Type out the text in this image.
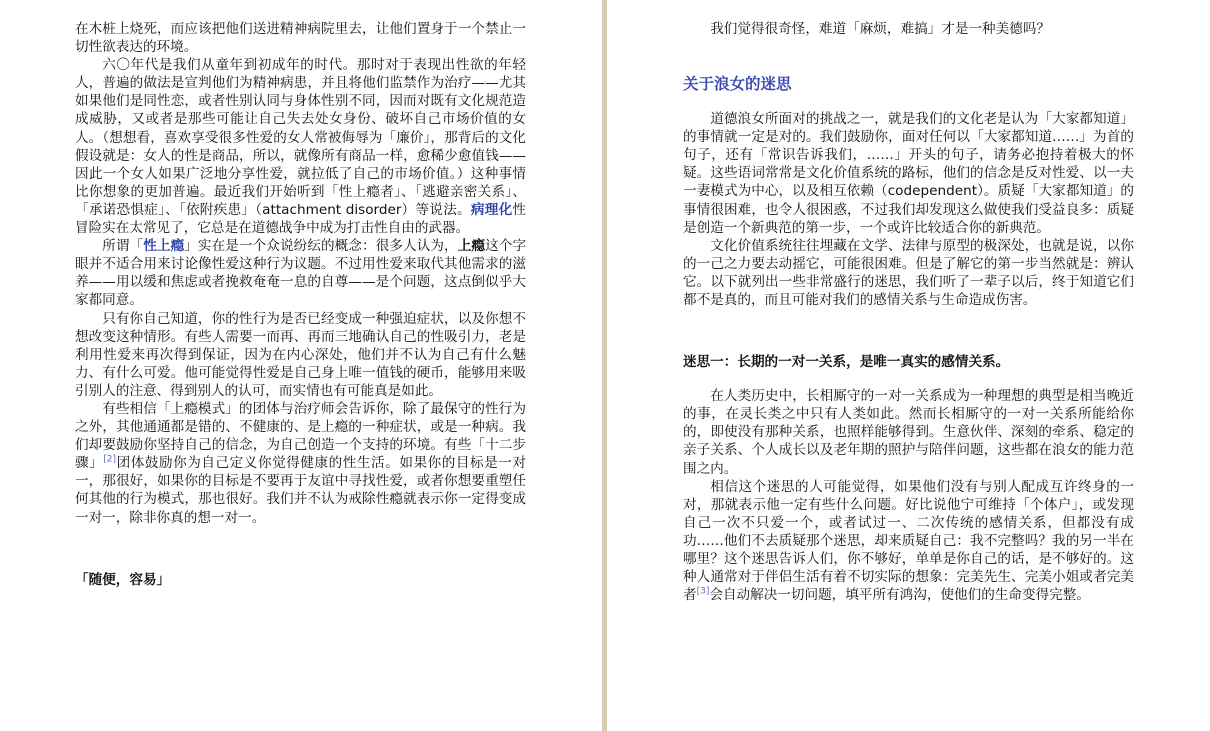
在木桩上烧死，而应该把他们送进精神病院里去，让他们置身于一个禁止一切性欲表达的环境。

六〇年代是我们从童年到初成年的时代。那时对于表现出性欲的年轻人，普遍的做法是宣判他们为精神病患，并且将他们监禁作为治疗——尤其如果他们是同性恋，或者性别认同与身体性别不同，因而对既有文化规范造成威胁，又或者是那些可能让自己失去处女身份、破坏自己市场价值的女人。（想想看，喜欢享受很多性爱的女人常被侮辱为「廉价」，那背后的文化假设就是：女人的性是商品，所以，就像所有商品一样，愈稀少愈值钱——因此一个女人如果广泛地分享性爱，就拉低了自己的市场价值。）这种事情比你想象的更加普遍。最近我们开始听到「性上瘾者」、「逃避亲密关系」、「承诺恐惧症」、「依附疾患」（attachment disorder）等说法。病理化性冒险实在太常见了，它总是在道德战争中成为打击性自由的武器。

所谓「性上瘾」实在是一个众说纷纭的概念：很多人认为，上瘾这个字眼并不适合用来讨论像性爱这种行为议题。不过用性爱来取代其他需求的滋养——用以缓和焦虑或者挽救奄奄一息的自尊——是个问题，这点倒似乎大家都同意。

只有你自己知道，你的性行为是否已经变成一种强迫症状，以及你想不想改变这种情形。有些人需要一而再、再而三地确认自己的性吸引力，老是利用性爱来再次得到保证，因为在内心深处，他们并不认为自己有什么魅力、有什么可爱。他可能觉得性爱是自己身上唯一值钱的硬币，能够用来吸引别人的注意、得到别人的认可，而实情也有可能真是如此。

有些相信「上瘾模式」的团体与治疗师会告诉你，除了最保守的性行为之外，其他通通都是错的、不健康的、是上瘾的一种症状，或是一种病。我们却要鼓励你坚持自己的信念，为自己创造一个支持的环境。有些「十二步骤」[2]团体鼓励你为自己定义你觉得健康的性生活。如果你的目标是一对一，那很好，如果你的目标是不要再于友谊中寻找性爱，或者你想要重塑任何其他的行为模式，那也很好。我们并不认为戒除性瘾就表示你一定得变成一对一，除非你真的想一对一。

「随便，容易」

我们觉得很奇怪，难道「麻烦，难搞」才是一种美德吗？

关于浪女的迷思

道德浪女所面对的挑战之一，就是我们的文化老是认为「大家都知道」的事情就一定是对的。我们鼓励你，面对任何以「大家都知道……」为首的句子，还有「常识告诉我们，……」开头的句子，请务必抱持着极大的怀疑。这些语词常常是文化价值系统的路标，他们的信念是反对性爱、以一夫一妻模式为中心，以及相互依赖（codependent）。质疑「大家都知道」的事情很困难，也令人很困惑，不过我们却发现这么做使我们受益良多：质疑是创造一个新典范的第一步，一个或许比较适合你的新典范。

文化价值系统往往埋藏在文学、法律与原型的极深处，也就是说，以你的一己之力要去动摇它，可能很困难。但是了解它的第一步当然就是：辨认它。以下就列出一些非常盛行的迷思，我们听了一辈子以后，终于知道它们都不是真的，而且可能对我们的感情关系与生命造成伤害。

迷思一：长期的一对一关系，是唯一真实的感情关系。

在人类历史中，长相厮守的一对一关系成为一种理想的典型是相当晚近的事，在灵长类之中只有人类如此。然而长相厮守的一对一关系所能给你的，即使没有那种关系，也照样能够得到。生意伙伴、深刻的牵系、稳定的亲子关系、个人成长以及老年期的照护与陪伴问题，这些都在浪女的能力范围之内。

相信这个迷思的人可能觉得，如果他们没有与别人配成互许终身的一对，那就表示他一定有些什么问题。好比说他宁可维持「个体户」，或发现自己一次不只爱一个，或者试过一、二次传统的感情关系，但都没有成功……他们不去质疑那个迷思，却来质疑自己：我不完整吗？我的另一半在哪里？这个迷思告诉人们，你不够好，单单是你自己的话，是不够好的。这种人通常对于伴侣生活有着不切实际的想象：完美先生、完美小姐或者完美者[3]会自动解决一切问题，填平所有鸿沟，使他们的生命变得完整。
